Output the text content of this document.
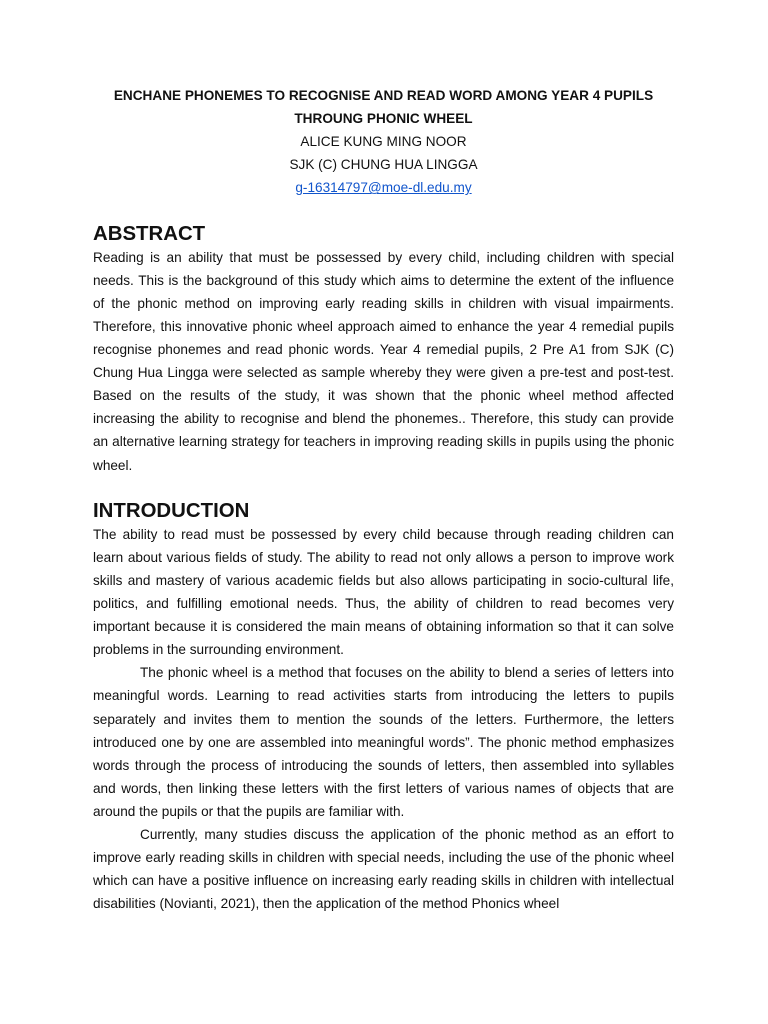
ENCHANE PHONEMES TO RECOGNISE AND READ WORD AMONG YEAR 4 PUPILS
THROUNG PHONIC WHEEL
ALICE KUNG MING NOOR
SJK (C) CHUNG HUA LINGGA
g-16314797@moe-dl.edu.my
ABSTRACT

Reading is an ability that must be possessed by every child, including children with special needs. This is the background of this study which aims to determine the extent of the influence of the phonic method on improving early reading skills in children with visual impairments. Therefore, this innovative phonic wheel approach aimed to enhance the year 4 remedial pupils recognise phonemes and read phonic words. Year 4 remedial pupils, 2 Pre A1 from SJK (C) Chung Hua Lingga were selected as sample whereby they were given a pre-test and post-test. Based on the results of the study, it was shown that the phonic wheel method affected increasing the ability to recognise and blend the phonemes.. Therefore, this study can provide an alternative learning strategy for teachers in improving reading skills in pupils using the phonic wheel.

INTRODUCTION

The ability to read must be possessed by every child because through reading children can learn about various fields of study. The ability to read not only allows a person to improve work skills and mastery of various academic fields but also allows participating in socio-cultural life, politics, and fulfilling emotional needs. Thus, the ability of children to read becomes very important because it is considered the main means of obtaining information so that it can solve problems in the surrounding environment.

The phonic wheel is a method that focuses on the ability to blend a series of letters into meaningful words. Learning to read activities starts from introducing the letters to pupils separately and invites them to mention the sounds of the letters. Furthermore, the letters introduced one by one are assembled into meaningful words”. The phonic method emphasizes words through the process of introducing the sounds of letters, then assembled into syllables and words, then linking these letters with the first letters of various names of objects that are around the pupils or that the pupils are familiar with.

Currently, many studies discuss the application of the phonic method as an effort to improve early reading skills in children with special needs, including the use of the phonic wheel which can have a positive influence on increasing early reading skills in children with intellectual disabilities (Novianti, 2021), then the application of the method Phonics wheel
